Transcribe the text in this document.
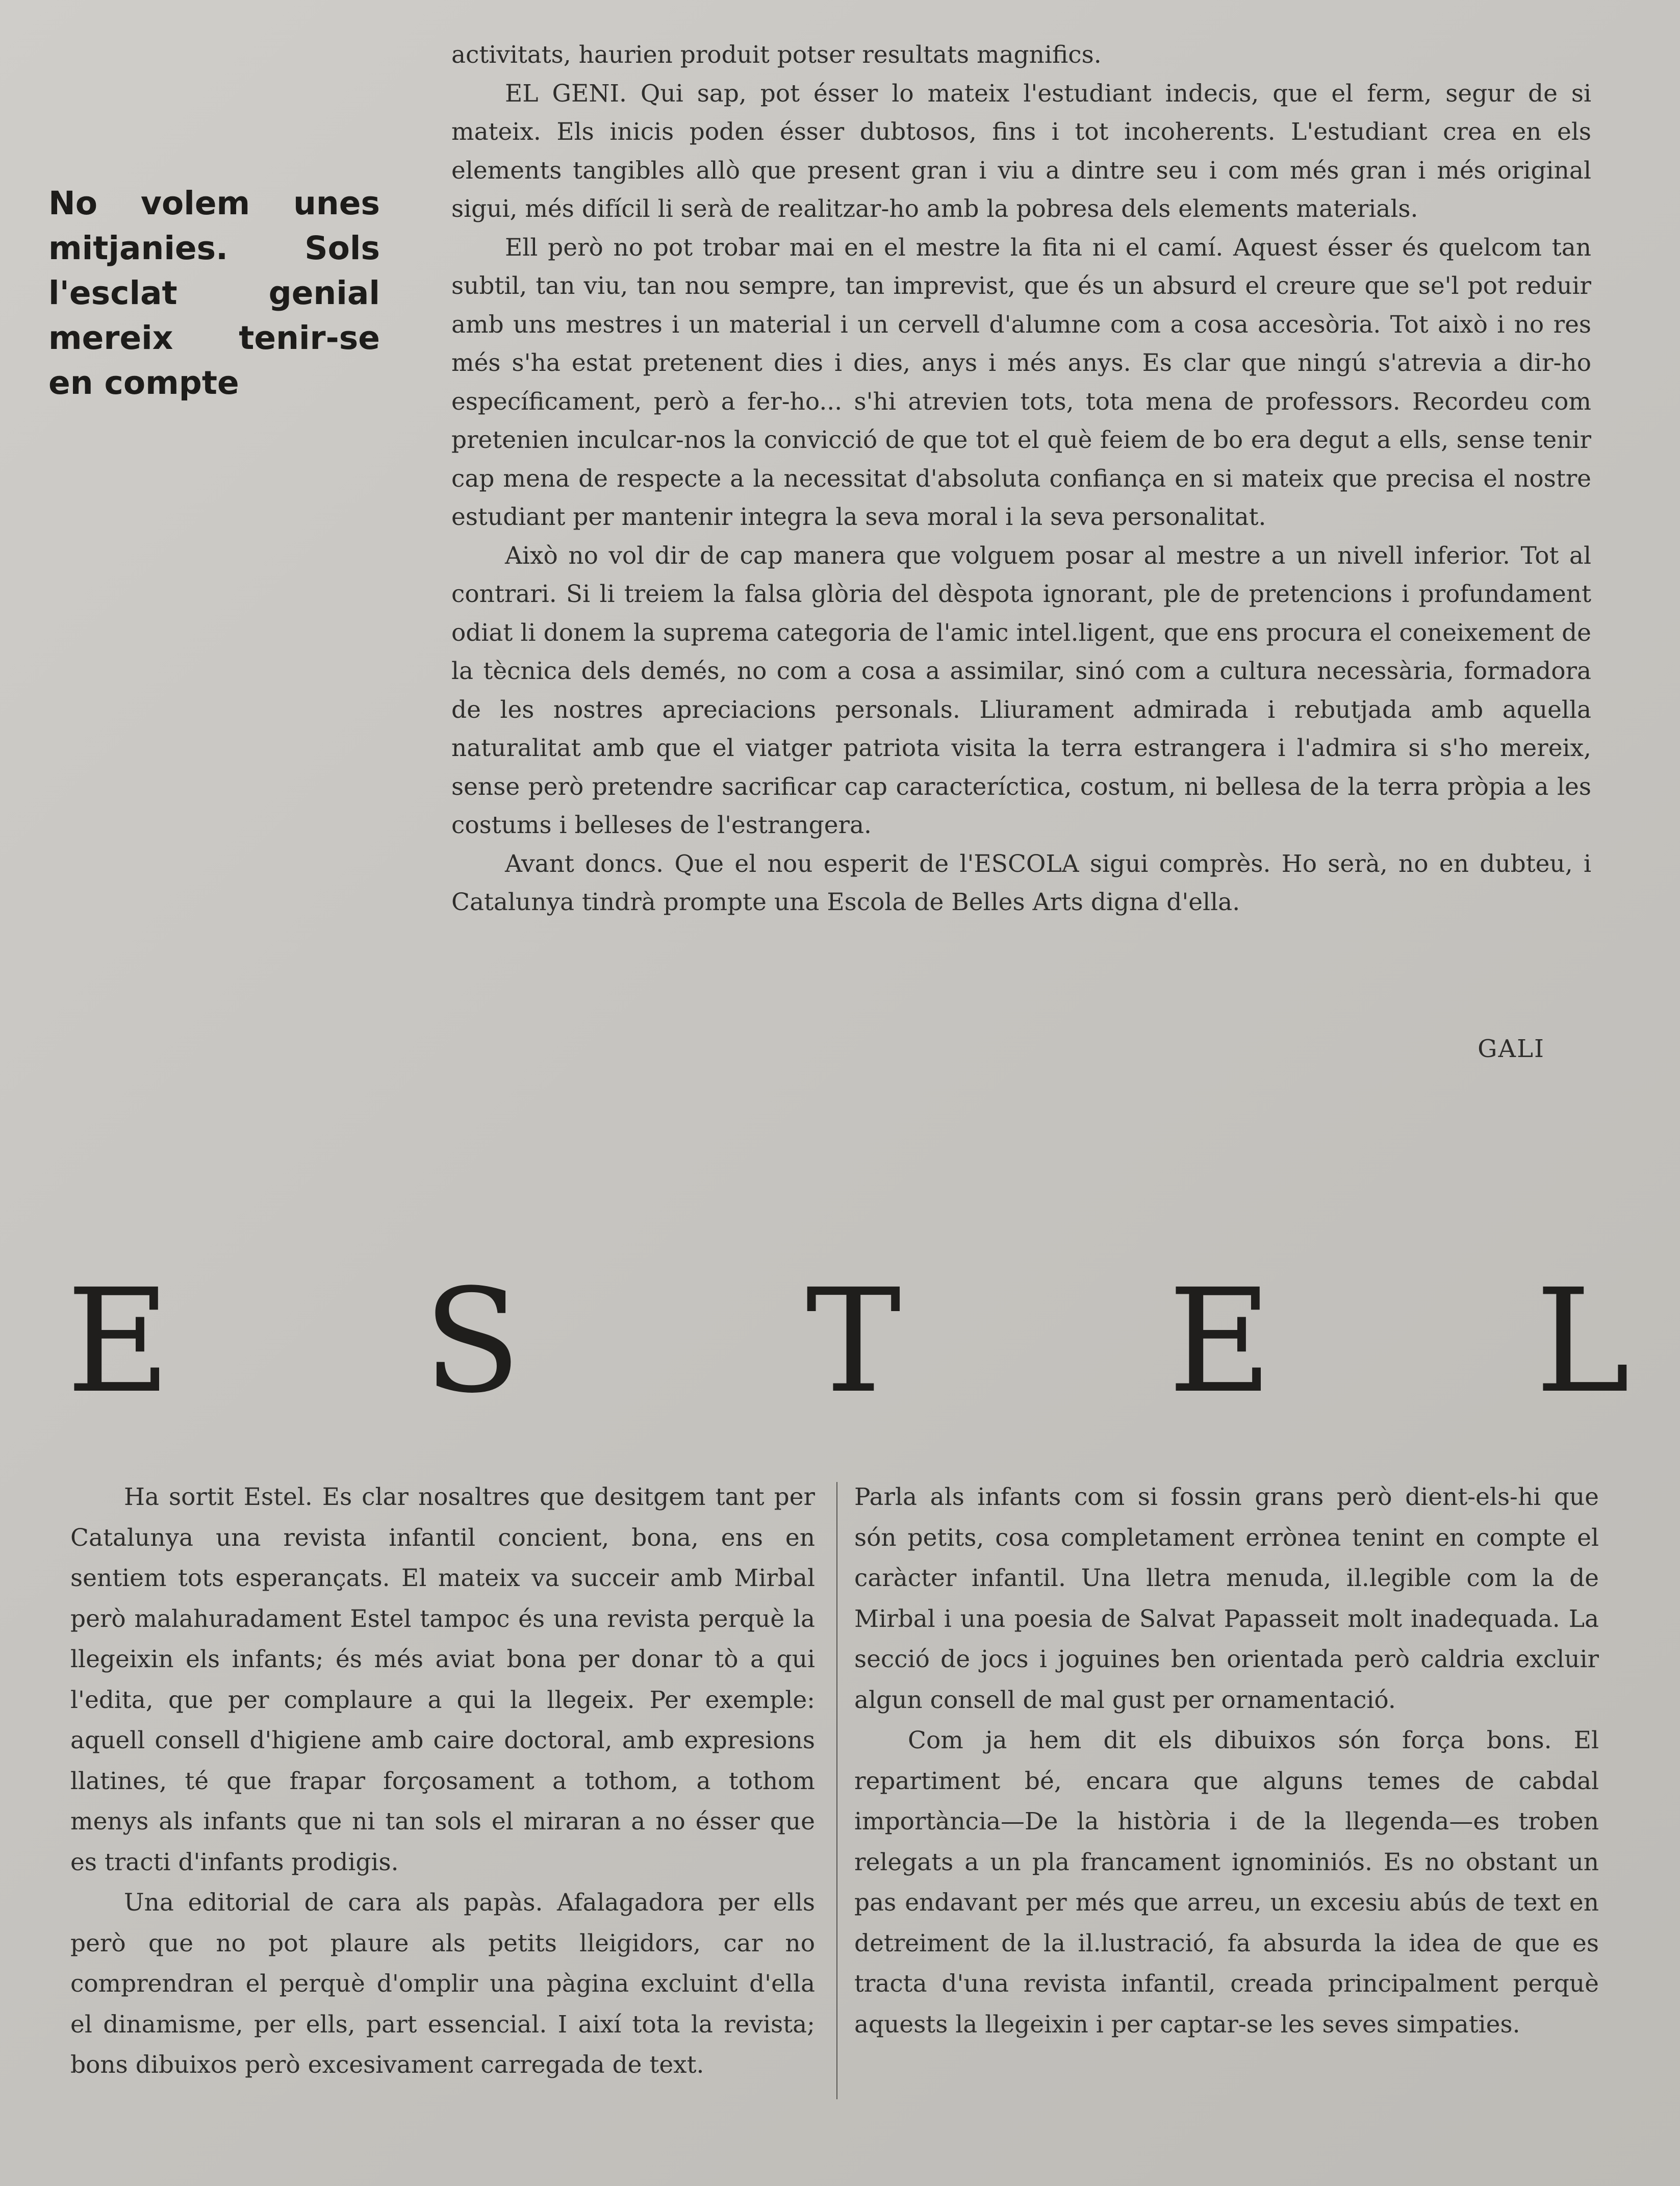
No volem unes mitjanies. Sols l'esclat genial mereix tenir-se en compte

activitats, haurien produit potser resultats magnifics.

EL GENI. Qui sap, pot ésser lo mateix l'estudiant indecis, que el ferm, segur de si mateix. Els inicis poden ésser dubtosos, fins i tot incoherents. L'estudiant crea en els elements tangibles allò que present gran i viu a dintre seu i com més gran i més original sigui, més difícil li serà de realitzar-ho amb la pobresa dels elements materials.

Ell però no pot trobar mai en el mestre la fita ni el camí. Aquest ésser és quelcom tan subtil, tan viu, tan nou sempre, tan imprevist, que és un absurd el creure que se'l pot reduir amb uns mestres i un material i un cervell d'alumne com a cosa accesòria. Tot això i no res més s'ha estat pretenent dies i dies, anys i més anys. Es clar que ningú s'atrevia a dir-ho específicament, però a fer-ho... s'hi atrevien tots, tota mena de professors. Recordeu com pretenien inculcar-nos la convicció de que tot el què feiem de bo era degut a ells, sense tenir cap mena de respecte a la necessitat d'absoluta confiança en si mateix que precisa el nostre estudiant per mantenir integra la seva moral i la seva personalitat.

Això no vol dir de cap manera que volguem posar al mestre a un nivell inferior. Tot al contrari. Si li treiem la falsa glòria del dèspota ignorant, ple de pretencions i profundament odiat li donem la suprema categoria de l'amic intel.ligent, que ens procura el coneixement de la tècnica dels demés, no com a cosa a assimilar, sinó com a cultura necessària, formadora de les nostres apreciacions personals. Lliurament admirada i rebutjada amb aquella naturalitat amb que el viatger patriota visita la terra estrangera i l'admira si s'ho mereix, sense però pretendre sacrificar cap caracteríctica, costum, ni bellesa de la terra pròpia a les costums i belleses de l'estrangera.

Avant doncs. Que el nou esperit de l'ESCOLA sigui comprès. Ho serà, no en dubteu, i Catalunya tindrà prompte una Escola de Belles Arts digna d'ella.

GALI
E S T E L

Ha sortit Estel. Es clar nosaltres que desitgem tant per Catalunya una revista infantil concient, bona, ens en sentiem tots esperançats. El mateix va succeir amb Mirbal però malahuradament Estel tampoc és una revista perquè la llegeixin els infants; és més aviat bona per donar tò a qui l'edita, que per complaure a qui la llegeix. Per exemple: aquell consell d'higiene amb caire doctoral, amb expresions llatines, té que frapar forçosament a tothom, a tothom menys als infants que ni tan sols el miraran a no ésser que es tracti d'infants prodigis.

Una editorial de cara als papàs. Afalagadora per ells però que no pot plaure als petits lleigidors, car no comprendran el perquè d'omplir una pàgina excluint d'ella el dinamisme, per ells, part essencial. I així tota la revista; bons dibuixos però excesivament carregada de text.

Parla als infants com si fossin grans però dient-els-hi que són petits, cosa completament errònea tenint en compte el caràcter infantil. Una lletra menuda, il.legible com la de Mirbal i una poesia de Salvat Papasseit molt inadequada. La secció de jocs i joguines ben orientada però caldria excluir algun consell de mal gust per ornamentació.

Com ja hem dit els dibuixos són força bons. El repartiment bé, encara que alguns temes de cabdal importància—De la història i de la llegenda—es troben relegats a un pla francament ignominiós. Es no obstant un pas endavant per més que arreu, un excesiu abús de text en detreiment de la il.lustració, fa absurda la idea de que es tracta d'una revista infantil, creada principalment perquè aquests la llegeixin i per captar-se les seves simpaties.
